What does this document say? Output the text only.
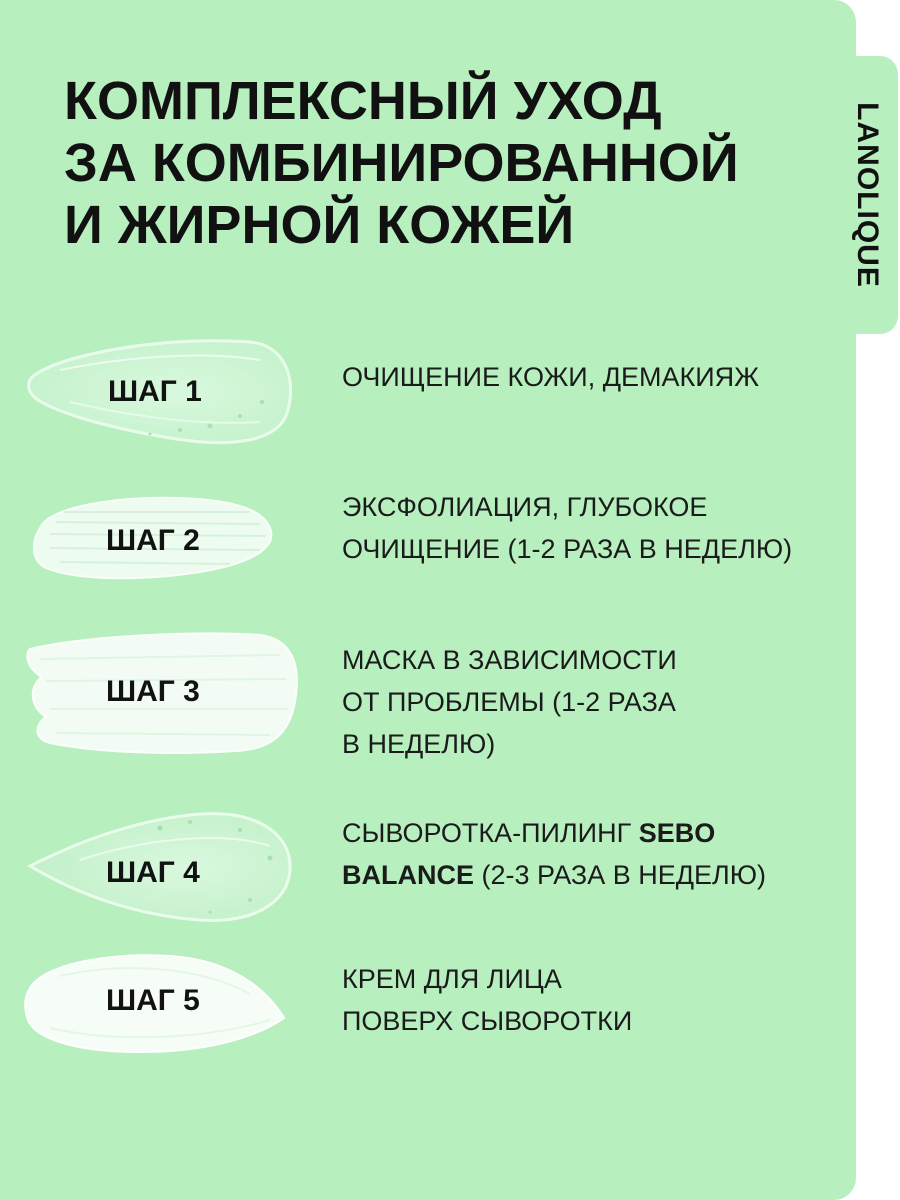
LANOLIQUE
КОМПЛЕКСНЫЙ УХОД
ЗА КОМБИНИРОВАННОЙ
И ЖИРНОЙ КОЖЕЙ
ШАГ 1	ОЧИЩЕНИЕ КОЖИ, ДЕМАКИЯЖ
ШАГ 2
ЭКСФОЛИАЦИЯ, ГЛУБОКОЕ
ОЧИЩЕНИЕ (1-2 РАЗА В НЕДЕЛЮ)
ШАГ 3
МАСКА В ЗАВИСИМОСТИ
ОТ ПРОБЛЕМЫ (1-2 РАЗА
В НЕДЕЛЮ)
ШАГ 4
СЫВОРОТКА-ПИЛИНГ SEBO
BALANCE (2-3 РАЗА В НЕДЕЛЮ)
ШАГ 5
КРЕМ ДЛЯ ЛИЦА
ПОВЕРХ СЫВОРОТКИ
